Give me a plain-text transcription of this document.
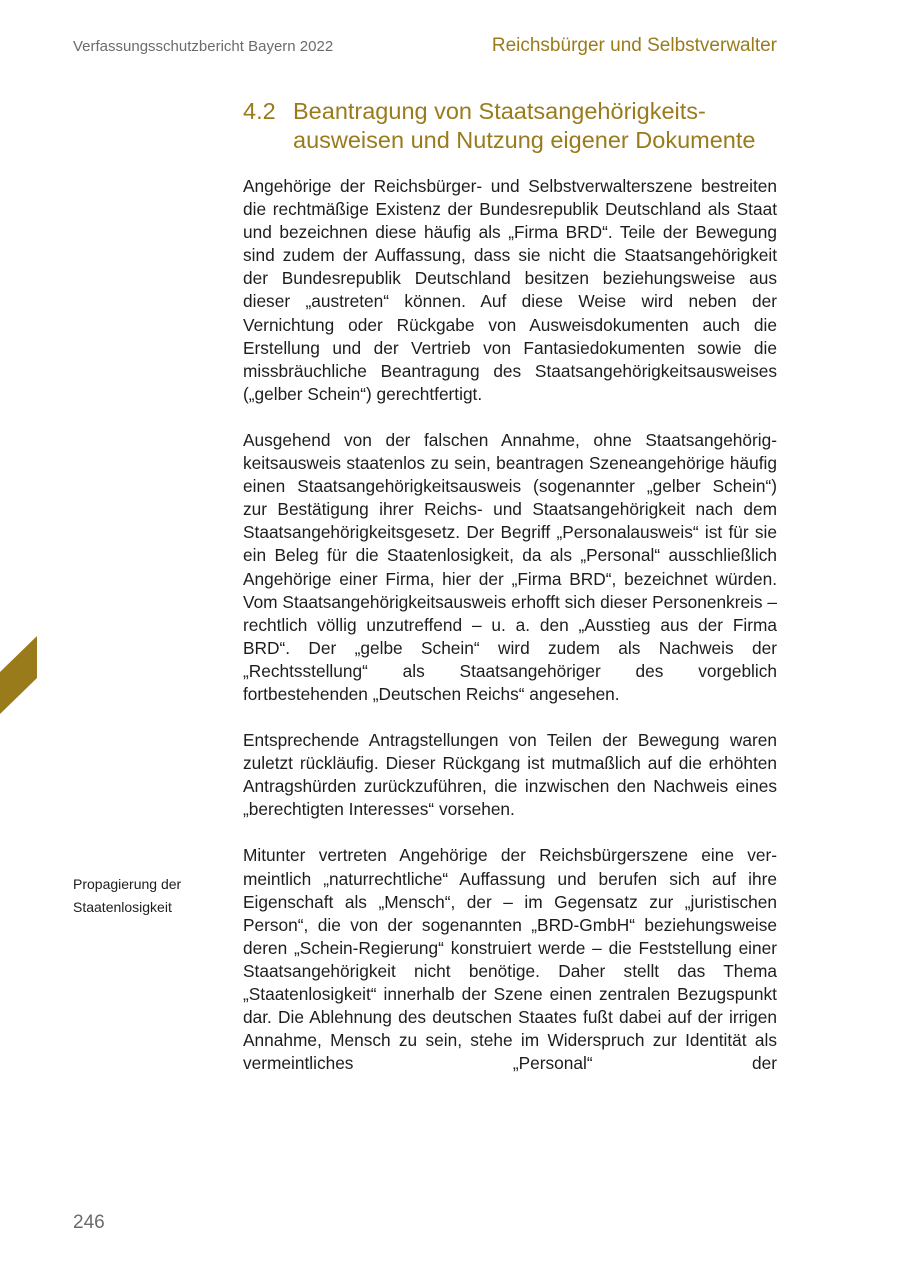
Verfassungsschutzbericht Bayern 2022	Reichsbürger und Selbstverwalter
4.2 Beantragung von Staatsangehörigkeitsausweisen und Nutzung eigener Dokumente
Propagierung der
Staatenlosigkeit

Angehörige der Reichsbürger- und Selbstverwalterszene bestreiten die rechtmäßige Existenz der Bundesrepublik Deutschland als Staat und bezeichnen diese häufig als „Firma BRD“. Teile der Bewegung sind zudem der Auffassung, dass sie nicht die Staatsangehörigkeit der Bundesrepublik Deutschland besitzen beziehungsweise aus dieser „austreten“ können. Auf diese Weise wird neben der Vernichtung oder Rückgabe von Ausweisdokumenten auch die Erstellung und der Vertrieb von Fantasiedokumenten sowie die missbräuchliche Beantragung des Staatsangehörigkeitsausweises („gelber Schein“) gerechtfertigt.

Ausgehend von der falschen Annahme, ohne Staatsangehörigkeitsausweis staatenlos zu sein, beantragen Szeneangehörige häufig einen Staatsangehörigkeitsausweis (sogenannter „gelber Schein“) zur Bestätigung ihrer Reichs- und Staatsangehörigkeit nach dem Staatsangehörigkeitsgesetz. Der Begriff „Personalausweis“ ist für sie ein Beleg für die Staatenlosigkeit, da als „Personal“ ausschließlich Angehörige einer Firma, hier der „Firma BRD“, bezeichnet würden. Vom Staatsangehörigkeitsausweis erhofft sich dieser Personenkreis – rechtlich völlig unzutreffend – u. a. den „Ausstieg aus der Firma BRD“. Der „gelbe Schein“ wird zudem als Nachweis der „Rechtsstellung“ als Staatsangehöriger des vorgeblich fortbestehenden „Deutschen Reichs“ angesehen.

Entsprechende Antragstellungen von Teilen der Bewegung waren zuletzt rückläufig. Dieser Rückgang ist mutmaßlich auf die erhöhten Antragshürden zurückzuführen, die inzwischen den Nachweis eines „berechtigten Interesses“ vorsehen.

Mitunter vertreten Angehörige der Reichsbürgerszene eine vermeintlich „naturrechtliche“ Auffassung und berufen sich auf ihre Eigenschaft als „Mensch“, der – im Gegensatz zur „juristischen Person“, die von der sogenannten „BRD-GmbH“ beziehungsweise deren „Schein-Regierung“ konstruiert werde – die Feststellung einer Staatsangehörigkeit nicht benötige. Daher stellt das Thema „Staatenlosigkeit“ innerhalb der Szene einen zentralen Bezugspunkt dar. Die Ablehnung des deutschen Staates fußt dabei auf der irrigen Annahme, Mensch zu sein, stehe im Widerspruch zur Identität als vermeintliches „Personal“ der

246
